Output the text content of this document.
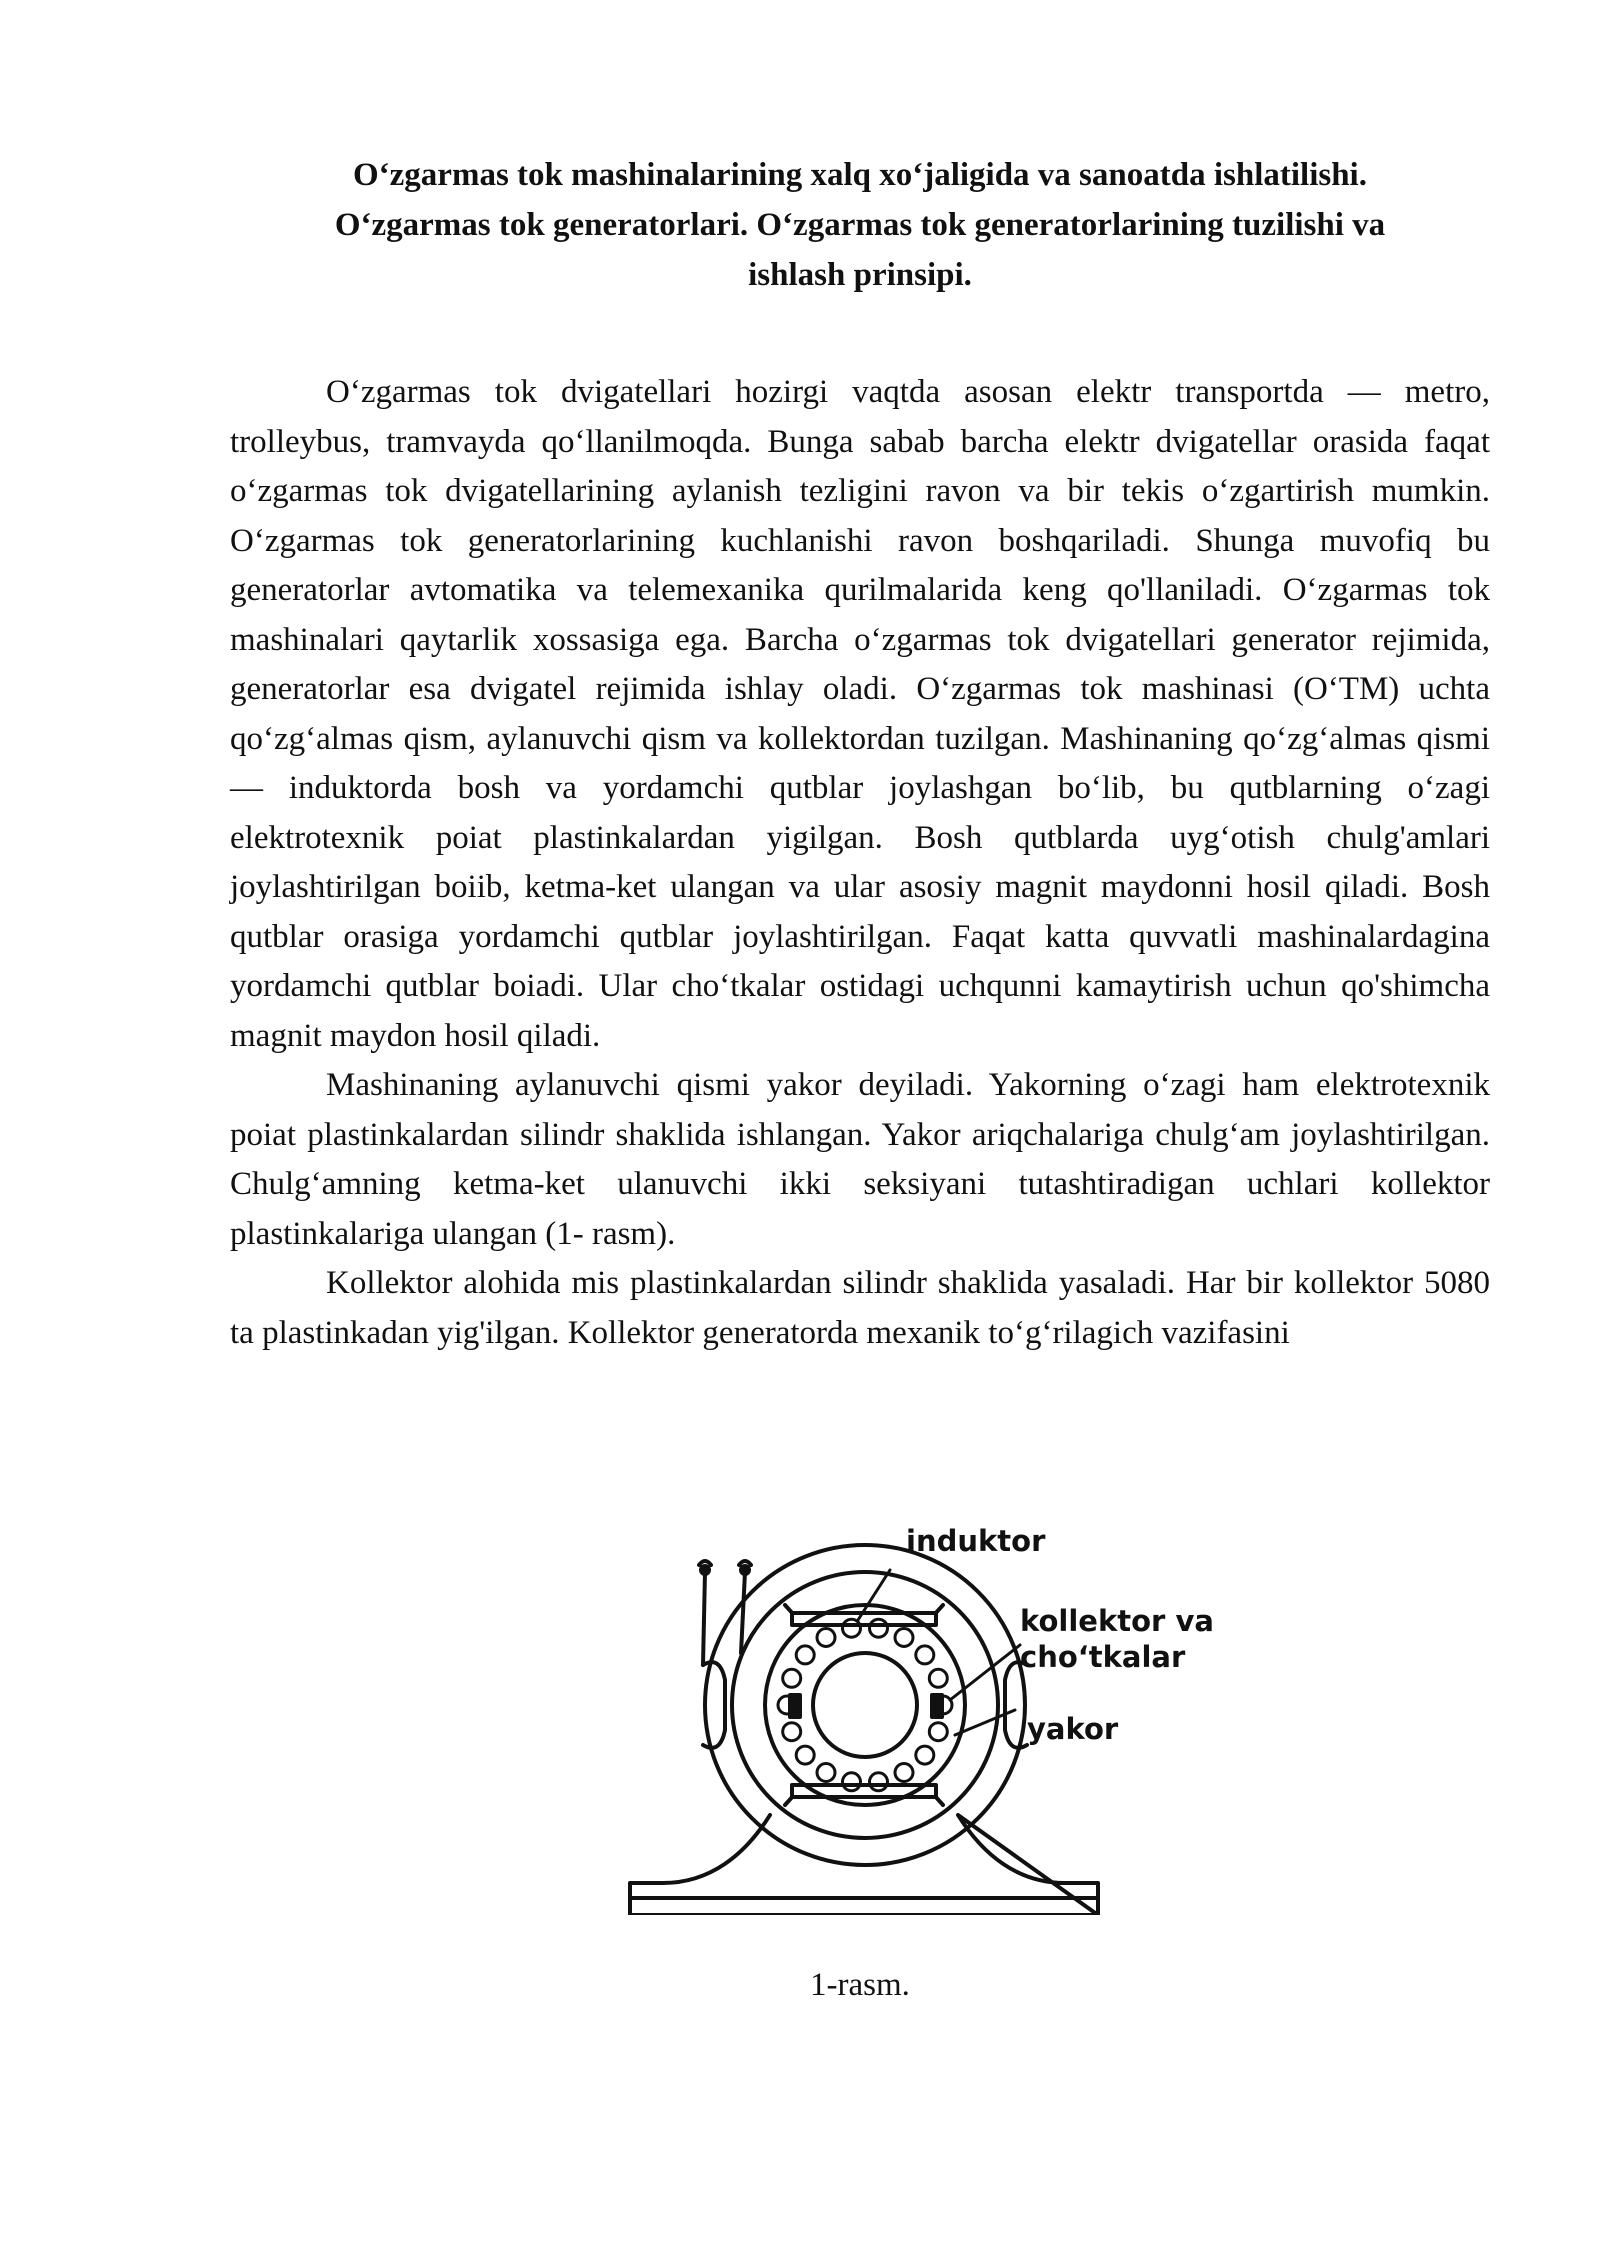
O‘zgarmas tok mashinalarining xalq xo‘jaligida va sanoatda ishlatilishi.
O‘zgarmas tok generatorlari. O‘zgarmas tok generatorlarining tuzilishi va
ishlash prinsipi.

O‘zgarmas tok dvigatellari hozirgi vaqtda asosan elektr transportda — metro, trolleybus, tramvayda qo‘llanilmoqda. Bunga sabab barcha elektr dvigatellar orasida faqat o‘zgarmas tok dvigatellarining aylanish tezligini ravon va bir tekis o‘zgartirish mumkin. O‘zgarmas tok generatorlarining kuchlanishi ravon boshqariladi. Shunga muvofiq bu generatorlar avtomatika va telemexanika qurilmalarida keng qo'llaniladi. O‘zgarmas tok mashinalari qaytarlik xossasiga ega. Barcha o‘zgarmas tok dvigatellari generator rejimida, generatorlar esa dvigatel rejimida ishlay oladi. O‘zgarmas tok mashinasi (O‘TM) uchta qo‘zg‘almas qism, aylanuvchi qism va kollektordan tuzilgan. Mashinaning qo‘zg‘almas qismi — induktorda bosh va yordamchi qutblar joylashgan bo‘lib, bu qutblarning o‘zagi elektrotexnik poiat plastinkalardan yigilgan. Bosh qutblarda uyg‘otish chulg'amlari joylashtirilgan boiib, ketma-ket ulangan va ular asosiy magnit maydonni hosil qiladi. Bosh qutblar orasiga yordamchi qutblar joylashtirilgan. Faqat katta quvvatli mashinalardagina yordamchi qutblar boiadi. Ular cho‘tkalar ostidagi uchqunni kamaytirish uchun qo'shimcha magnit maydon hosil qiladi.

Mashinaning aylanuvchi qismi yakor deyiladi. Yakorning o‘zagi ham elektrotexnik poiat plastinkalardan silindr shaklida ishlangan. Yakor ariqchalariga chulg‘am joylashtirilgan. Chulg‘amning ketma-ket ulanuvchi ikki seksiyani tutashtiradigan uchlari kollektor plastinkalariga ulangan (1- rasm).

Kollektor alohida mis plastinkalardan silindr shaklida yasaladi. Har bir kollektor 5080 ta plastinkadan yig'ilgan. Kollektor generatorda mexanik to‘g‘rilagich vazifasini

induktor
kollektor va
cho‘tkalar
yakor
1-rasm.
